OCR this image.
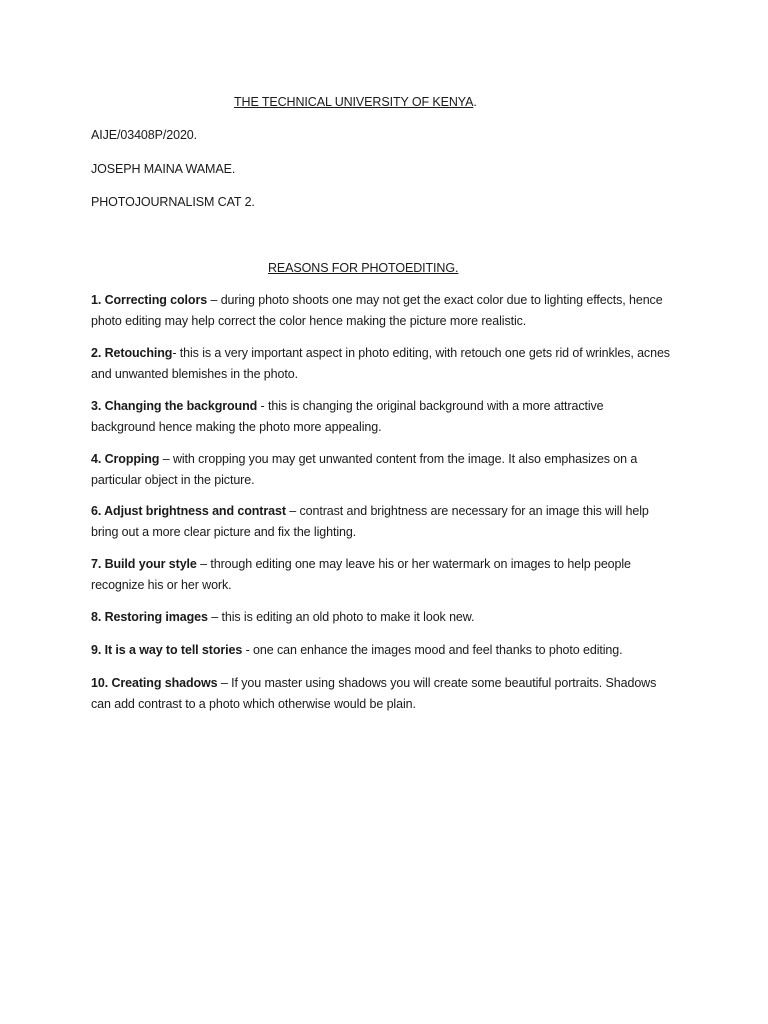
THE TECHNICAL UNIVERSITY OF KENYA.
AIJE/03408P/2020.
JOSEPH MAINA WAMAE.
PHOTOJOURNALISM CAT 2.
REASONS FOR PHOTOEDITING.
1. Correcting colors – during photo shoots one may not get the exact color due to lighting effects, hence photo editing may help correct the color hence making the picture more realistic.
2. Retouching- this is a very important aspect in photo editing, with retouch one gets rid of wrinkles, acnes and unwanted blemishes in the photo.
3. Changing the background - this is changing the original background with a more attractive background hence making the photo more appealing.
4. Cropping – with cropping you may get unwanted content from the image. It also emphasizes on a particular object in the picture.
6. Adjust brightness and contrast – contrast and brightness are necessary for an image this will help bring out a more clear picture and fix the lighting.
7. Build your style – through editing one may leave his or her watermark on images to help people recognize his or her work.
8. Restoring images – this is editing an old photo to make it look new.
9. It is a way to tell stories - one can enhance the images mood and feel thanks to photo editing.
10. Creating shadows – If you master using shadows you will create some beautiful portraits. Shadows can add contrast to a photo which otherwise would be plain.
